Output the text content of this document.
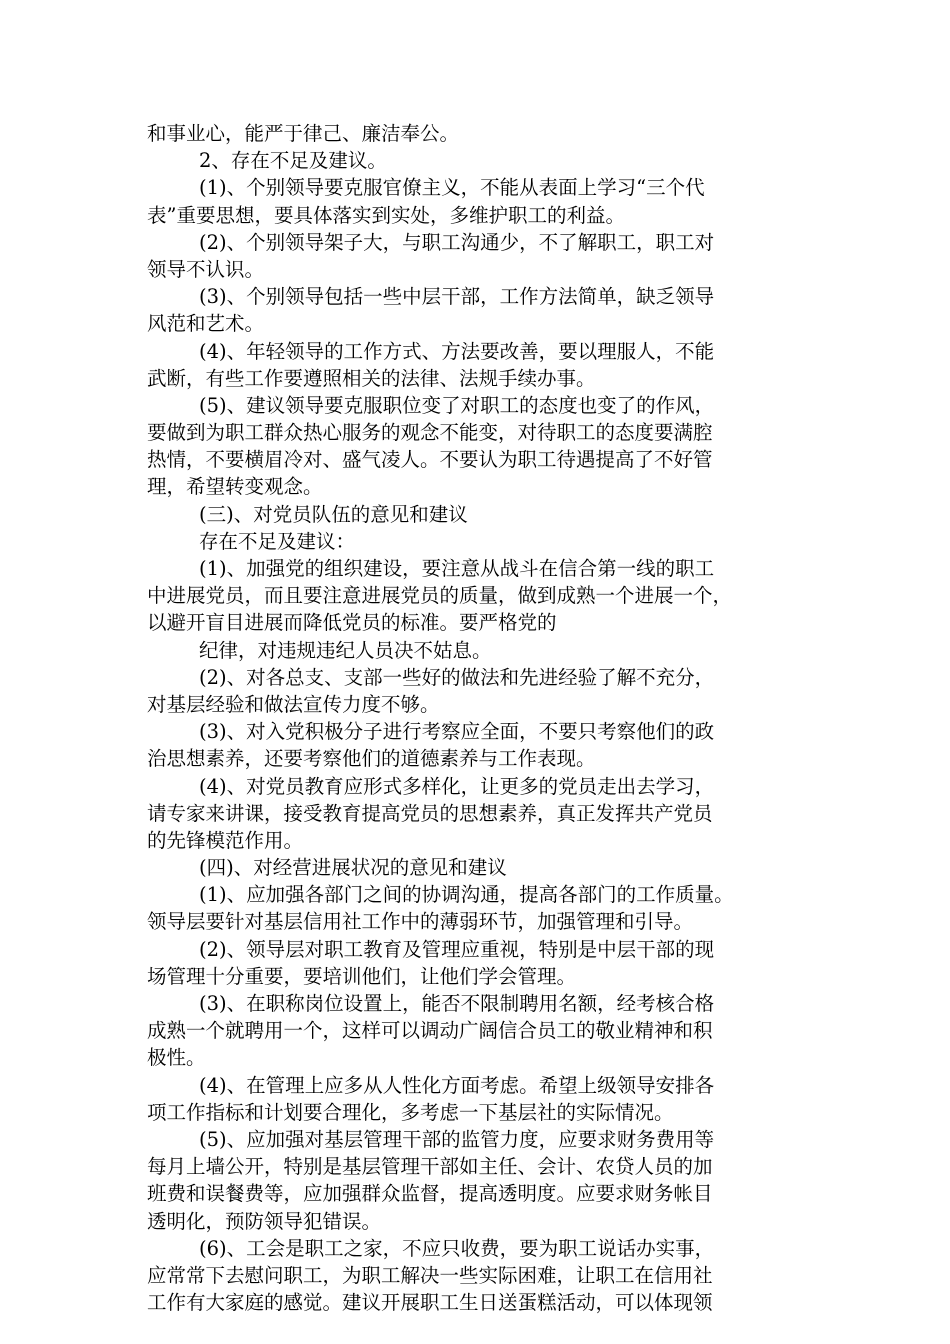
和事业心，能严于律己、廉洁奉公。
2、存在不足及建议。
(1)、个别领导要克服官僚主义，不能从表面上学习“三个代
表”重要思想，要具体落实到实处，多维护职工的利益。
(2)、个别领导架子大，与职工沟通少，不了解职工，职工对
领导不认识。
(3)、个别领导包括一些中层干部，工作方法简单，缺乏领导
风范和艺术。
(4)、年轻领导的工作方式、方法要改善，要以理服人，不能
武断，有些工作要遵照相关的法律、法规手续办事。
(5)、建议领导要克服职位变了对职工的态度也变了的作风，
要做到为职工群众热心服务的观念不能变，对待职工的态度要满腔
热情，不要横眉冷对、盛气凌人。不要认为职工待遇提高了不好管
理，希望转变观念。
(三)、对党员队伍的意见和建议
存在不足及建议：
(1)、加强党的组织建设，要注意从战斗在信合第一线的职工
中进展党员，而且要注意进展党员的质量，做到成熟一个进展一个，
以避开盲目进展而降低党员的标准。要严格党的
纪律，对违规违纪人员决不姑息。
(2)、对各总支、支部一些好的做法和先进经验了解不充分，
对基层经验和做法宣传力度不够。
(3)、对入党积极分子进行考察应全面，不要只考察他们的政
治思想素养，还要考察他们的道德素养与工作表现。
(4)、对党员教育应形式多样化，让更多的党员走出去学习，
请专家来讲课，接受教育提高党员的思想素养，真正发挥共产党员
的先锋模范作用。
(四)、对经营进展状况的意见和建议
(1)、应加强各部门之间的协调沟通，提高各部门的工作质量。
领导层要针对基层信用社工作中的薄弱环节，加强管理和引导。
(2)、领导层对职工教育及管理应重视，特别是中层干部的现
场管理十分重要，要培训他们，让他们学会管理。
(3)、在职称岗位设置上，能否不限制聘用名额，经考核合格
成熟一个就聘用一个，这样可以调动广阔信合员工的敬业精神和积
极性。
(4)、在管理上应多从人性化方面考虑。希望上级领导安排各
项工作指标和计划要合理化，多考虑一下基层社的实际情况。
(5)、应加强对基层管理干部的监管力度，应要求财务费用等
每月上墙公开，特别是基层管理干部如主任、会计、农贷人员的加
班费和误餐费等，应加强群众监督，提高透明度。应要求财务帐目
透明化，预防领导犯错误。
(6)、工会是职工之家，不应只收费，要为职工说话办实事，
应常常下去慰问职工，为职工解决一些实际困难，让职工在信用社
工作有大家庭的感觉。建议开展职工生日送蛋糕活动，可以体现领
